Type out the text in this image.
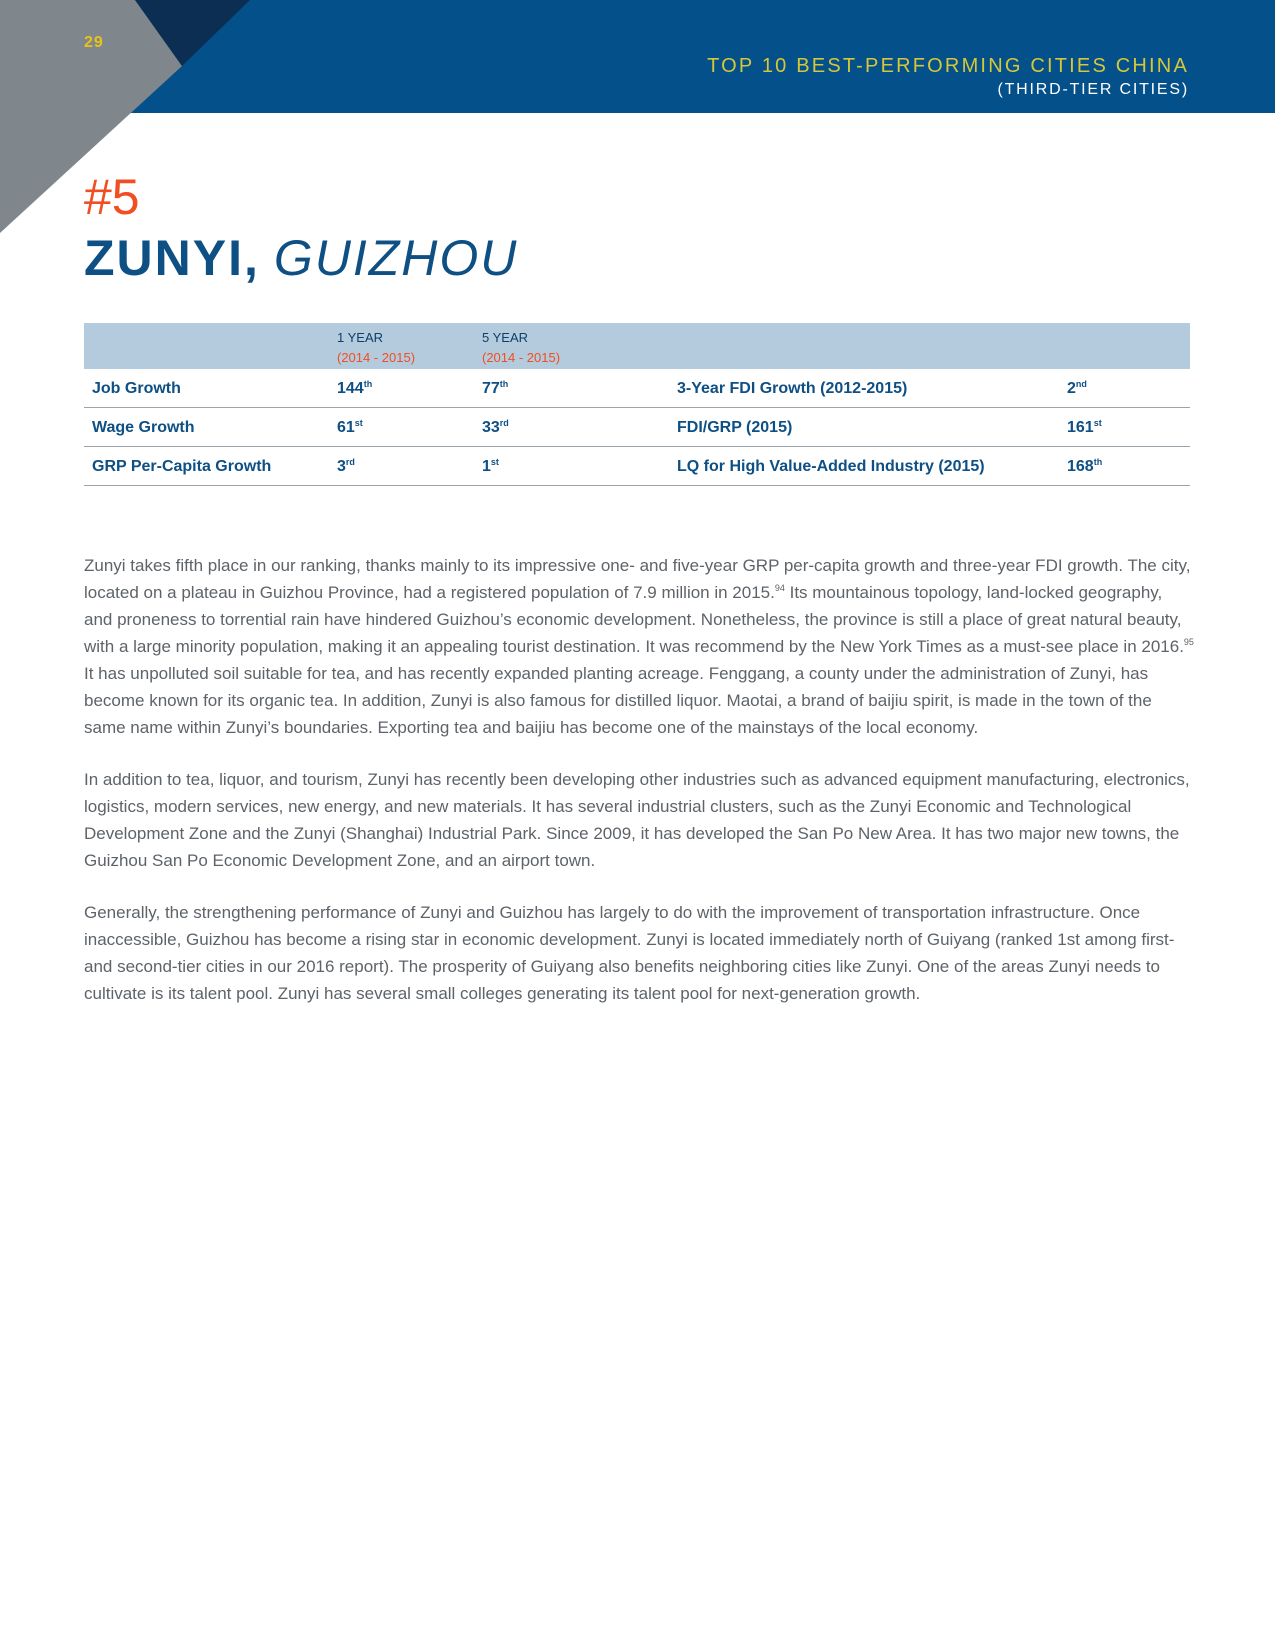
29
TOP 10 BEST-PERFORMING CITIES CHINA
(THIRD-TIER CITIES)
#5
ZUNYI, GUIZHOU
1 YEAR
(2014 - 2015)
5 YEAR
(2014 - 2015)
Job Growth	144th	77th	3-Year FDI Growth (2012-2015)	2nd
Wage Growth	61st	33rd	FDI/GRP (2015)	161st
GRP Per-Capita Growth	3rd	1st	LQ for High Value-Added Industry (2015)	168th

Zunyi takes fifth place in our ranking, thanks mainly to its impressive one- and five-year GRP per-capita growth and three-year FDI growth. The city, located on a plateau in Guizhou Province, had a registered population of 7.9 million in 2015.94 Its mountainous topology, land-locked geography, and proneness to torrential rain have hindered Guizhou’s economic development. Nonetheless, the province is still a place of great natural beauty, with a large minority population, making it an appealing tourist destination. It was recommend by the New York Times as a must-see place in 2016.95 It has unpolluted soil suitable for tea, and has recently expanded planting acreage. Fenggang, a county under the administration of Zunyi, has become known for its organic tea. In addition, Zunyi is also famous for distilled liquor. Maotai, a brand of baijiu spirit, is made in the town of the same name within Zunyi’s boundaries. Exporting tea and baijiu has become one of the mainstays of the local economy.

In addition to tea, liquor, and tourism, Zunyi has recently been developing other industries such as advanced equipment manufacturing, electronics, logistics, modern services, new energy, and new materials. It has several industrial clusters, such as the Zunyi Economic and Technological Development Zone and the Zunyi (Shanghai) Industrial Park. Since 2009, it has developed the San Po New Area. It has two major new towns, the Guizhou San Po Economic Development Zone, and an airport town.

Generally, the strengthening performance of Zunyi and Guizhou has largely to do with the improvement of transportation infrastructure. Once inaccessible, Guizhou has become a rising star in economic development. Zunyi is located immediately north of Guiyang (ranked 1st among first- and second-tier cities in our 2016 report). The prosperity of Guiyang also benefits neighboring cities like Zunyi. One of the areas Zunyi needs to cultivate is its talent pool. Zunyi has several small colleges generating its talent pool for next-generation growth.
